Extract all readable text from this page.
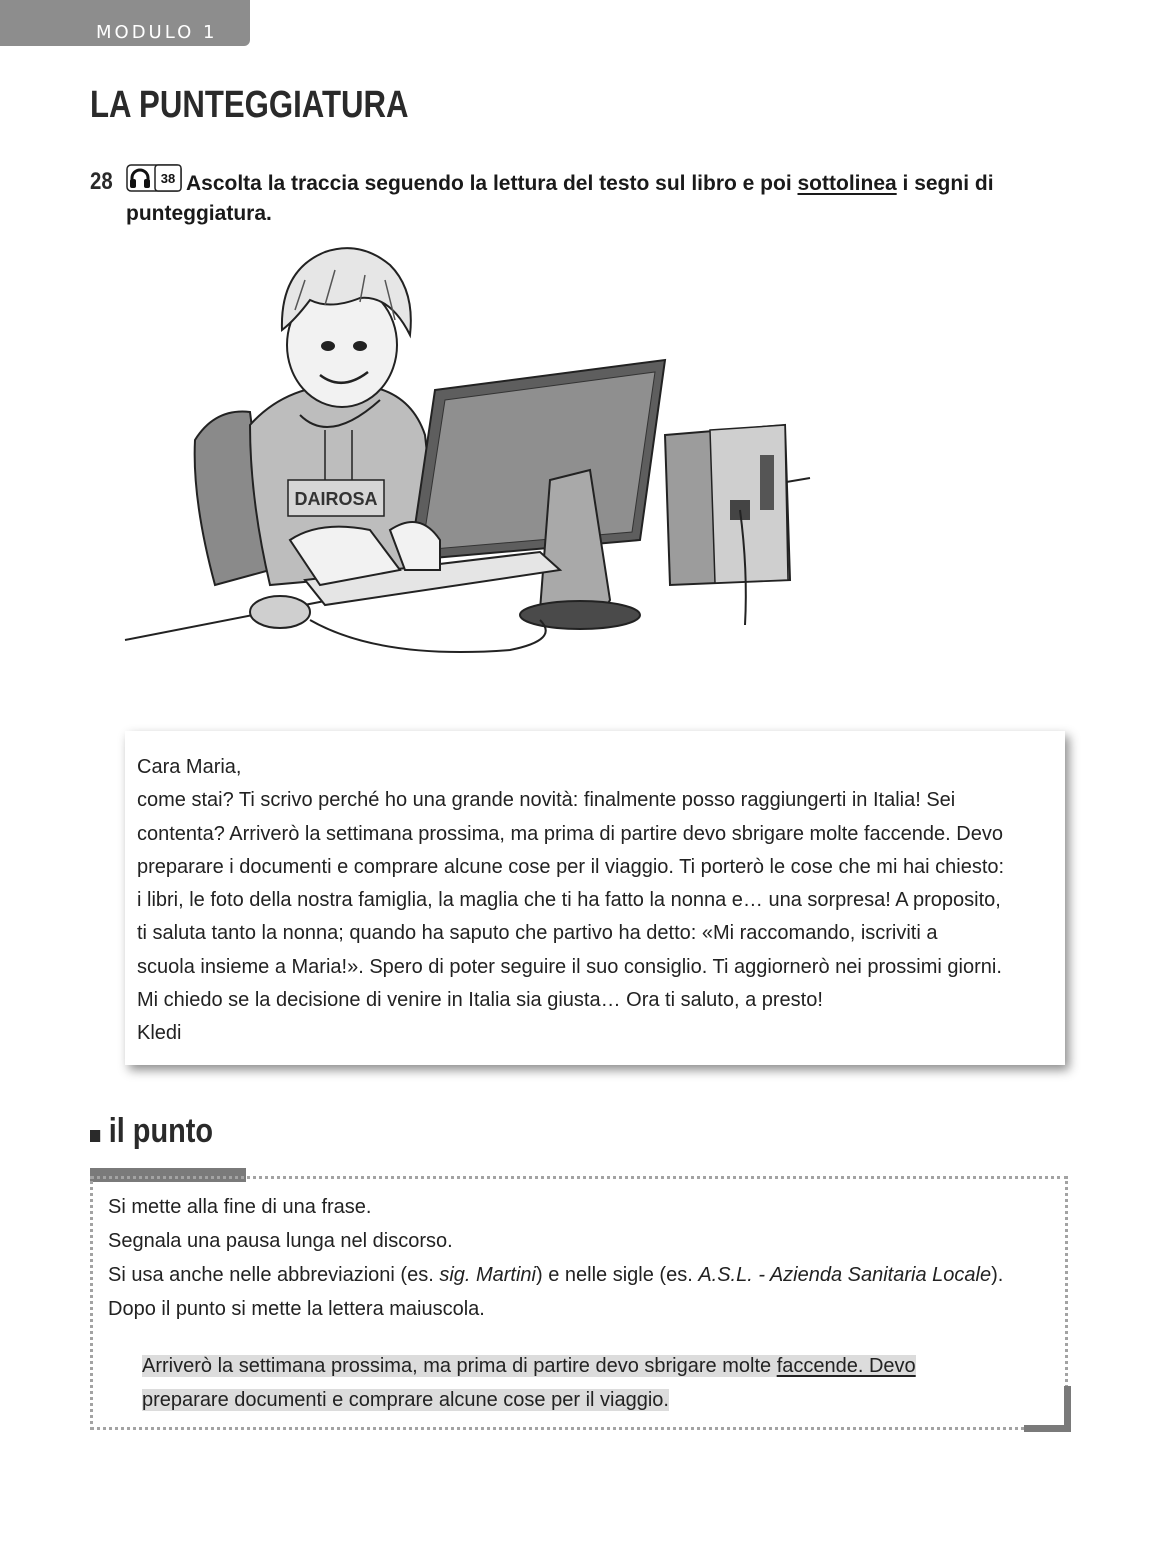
MODULO 1
LA PUNTEGGIATURA
28	38 Ascolta la traccia seguendo la lettura del testo sul libro e poi sottolinea i segni di punteggiatura.
DAIROSA

Cara Maria,
come stai? Ti scrivo perché ho una grande novità: finalmente posso raggiungerti in Italia! Sei
contenta? Arriverò la settimana prossima, ma prima di partire devo sbrigare molte faccende. Devo
preparare i documenti e comprare alcune cose per il viaggio. Ti porterò le cose che mi hai chiesto:
i libri, le foto della nostra famiglia, la maglia che ti ha fatto la nonna e… una sorpresa! A proposito,
ti saluta tanto la nonna; quando ha saputo che partivo ha detto: «Mi raccomando, iscriviti a
scuola insieme a Maria!». Spero di poter seguire il suo consiglio. Ti aggiornerò nei prossimi giorni.
Mi chiedo se la decisione di venire in Italia sia giusta… Ora ti saluto, a presto!
Kledi

il punto
Si mette alla fine di una frase.
Segnala una pausa lunga nel discorso.
Si usa anche nelle abbreviazioni (es. sig. Martini) e nelle sigle (es. A.S.L. - Azienda Sanitaria Locale).
Dopo il punto si mette la lettera maiuscola.
Arriverò la settimana prossima, ma prima di partire devo sbrigare molte faccende. Devo
preparare documenti e comprare alcune cose per il viaggio.
